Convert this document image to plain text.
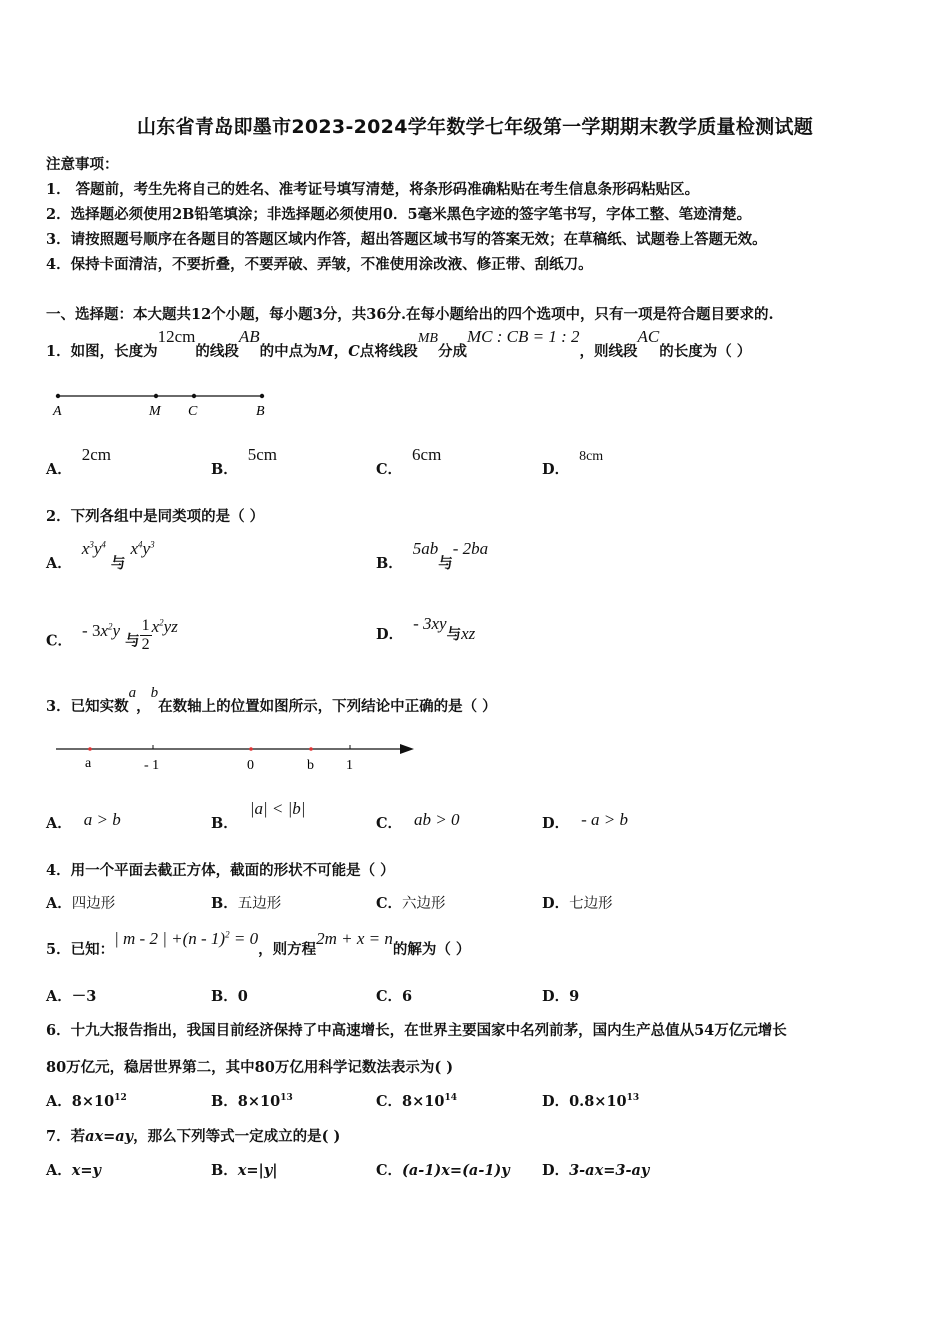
山东省青岛即墨市2023-2024学年数学七年级第一学期期末教学质量检测试题
注意事项：
1． 答题前，考生先将自己的姓名、准考证号填写清楚，将条形码准确粘贴在考生信息条形码粘贴区。
2．选择题必须使用2B铅笔填涂；非选择题必须使用0．5毫米黑色字迹的签字笔书写，字体工整、笔迹清楚。
3．请按照题号顺序在各题目的答题区域内作答，超出答题区域书写的答案无效；在草稿纸、试题卷上答题无效。
4．保持卡面清洁，不要折叠，不要弄破、弄皱，不准使用涂改液、修正带、刮纸刀。
一、选择题：本大题共12个小题，每小题3分，共36分.在每小题给出的四个选项中，只有一项是符合题目要求的.
1．如图，长度为12cm的线段AB的中点为M，C点将线段MB分成MC : CB = 1 : 2，则线段AC的长度为（ ）
A	M C	B
A．2cm
B．5cm
C．6cm
D．8cm
2．下列各组中是同类项的是（ ）
A．$x^3y^4$ 与 $x^4y^3$
B．5ab与- 2ba
C．- $3x^2y$ 与 $\frac{1}{2} x^2yz$	D．- 3xy与xz
3．已知实数a，b在数轴上的位置如图所示，下列结论中正确的是（ ）
a	- 1	0	b 1
A． a > b	B．|a| < |b|
C． ab > 0	D． - a > b
4．用一个平面去截正方体，截面的形状不可能是（ ）
A．四边形	B．五边形	C．六边形	D．七边形
5．已知：| m - 2 | +(n - 1)$^2$ = 0，则方程2m + x = n的解为（ ）
A．－3	B．0	C．6	D．9
6．十九大报告指出，我国目前经济保持了中高速增长，在世界主要国家中名列前茅，国内生产总值从54万亿元增长
80万亿元，稳居世界第二，其中80万亿用科学记数法表示为( )
A．$8\times 10^{12}$	B．$8\times 10^{13}$	C．$8\times 10^{14}$	D．$0.8\times 10^{13}$
7．若ax=ay，那么下列等式一定成立的是( )
A．x=y	B．x=|y|	C．(a-1)x=(a-1)y D．3-ax=3-ay
